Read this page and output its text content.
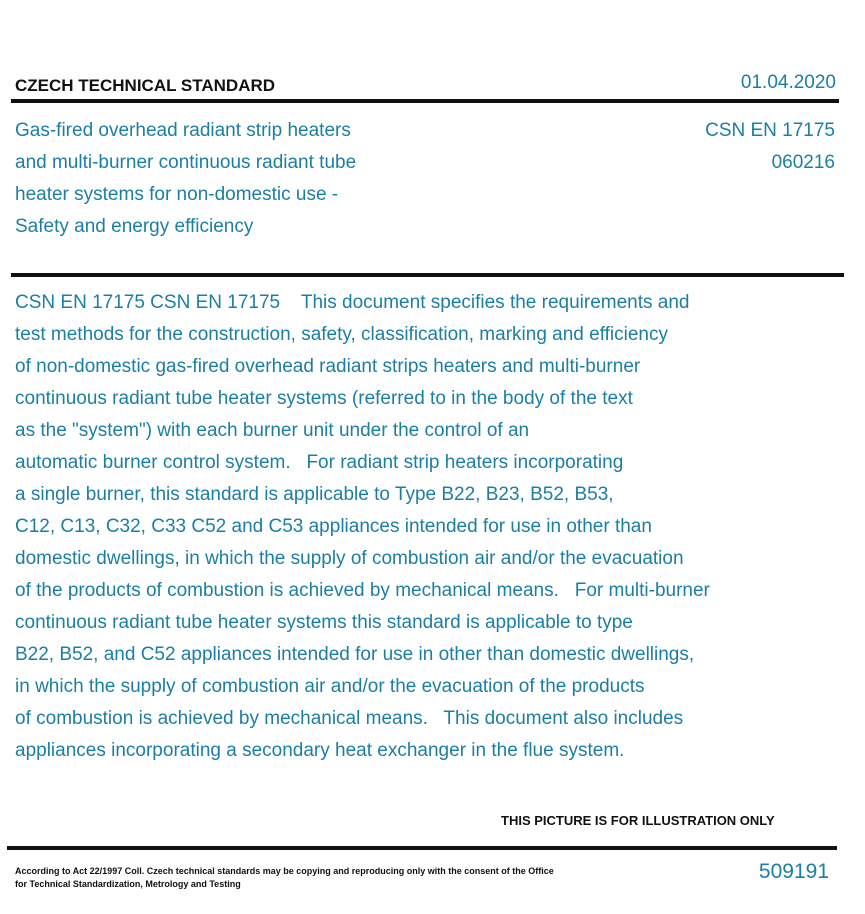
CZECH TECHNICAL STANDARD	01.04.2020
Gas-fired overhead radiant strip heaters
and multi-burner continuous radiant tube
heater systems for non-domestic use -
Safety and energy efficiency
CSN EN 17175
060216
CSN EN 17175 CSN EN 17175    This document specifies the requirements and
test methods for the construction, safety, classification, marking and efficiency
of non-domestic gas-fired overhead radiant strips heaters and multi-burner
continuous radiant tube heater systems (referred to in the body of the text
as the "system") with each burner unit under the control of an
automatic burner control system.   For radiant strip heaters incorporating
a single burner, this standard is applicable to Type B22, B23, B52, B53,
C12, C13, C32, C33 C52 and C53 appliances intended for use in other than
domestic dwellings, in which the supply of combustion air and/or the evacuation
of the products of combustion is achieved by mechanical means.   For multi-burner
continuous radiant tube heater systems this standard is applicable to type
B22, B52, and C52 appliances intended for use in other than domestic dwellings,
in which the supply of combustion air and/or the evacuation of the products
of combustion is achieved by mechanical means.   This document also includes
appliances incorporating a secondary heat exchanger in the flue system.
THIS PICTURE IS FOR ILLUSTRATION ONLY
According to Act 22/1997 Coll. Czech technical standards may be copying and reproducing only with the consent of the Office
for Technical Standardization, Metrology and Testing
509191
